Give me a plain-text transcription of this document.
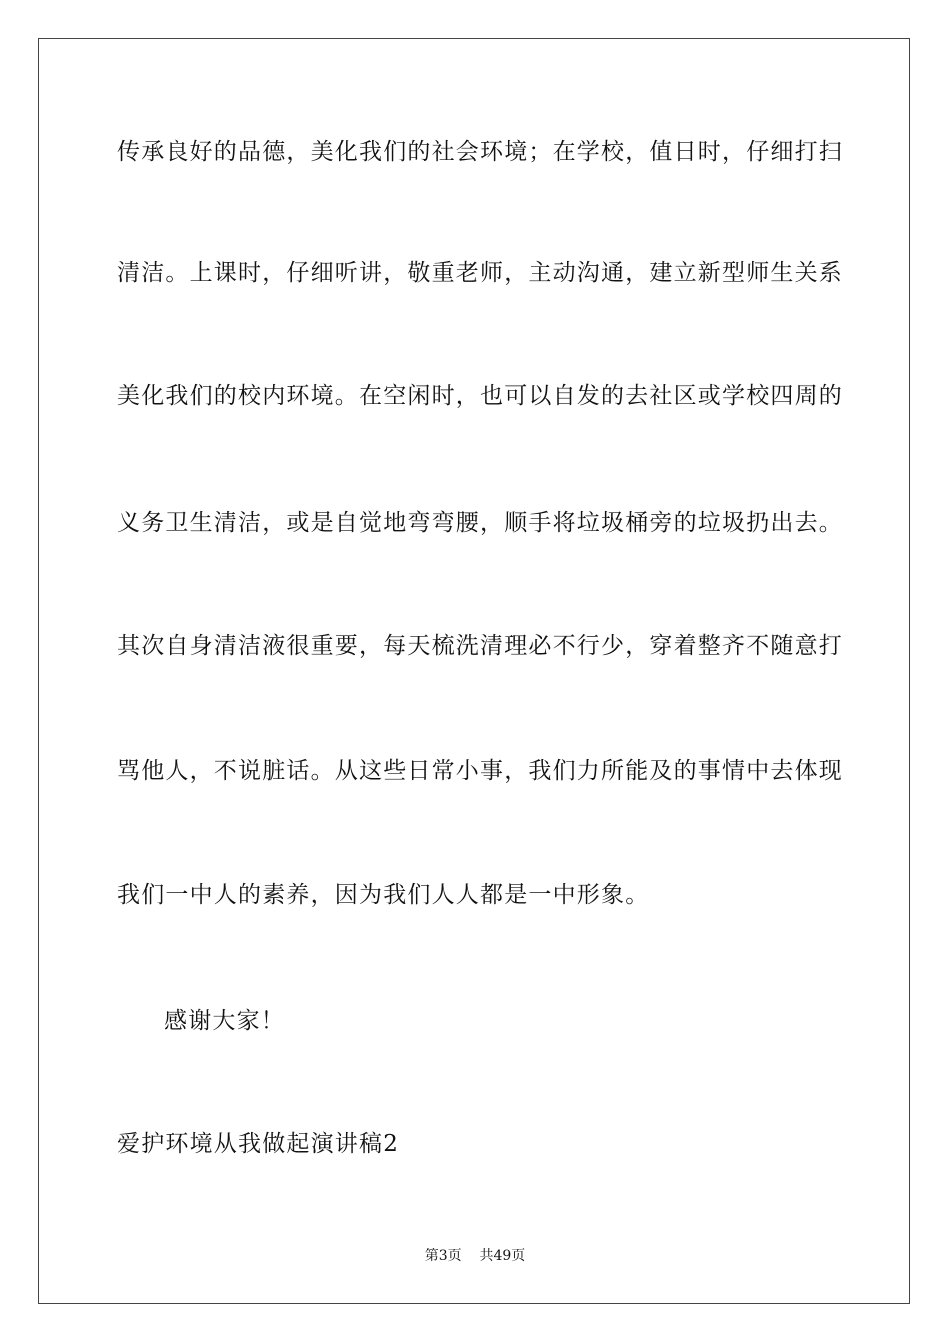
传承良好的品德，美化我们的社会环境；在学校，值日时，仔细打扫
清洁。上课时，仔细听讲，敬重老师，主动沟通，建立新型师生关系
美化我们的校内环境。在空闲时，也可以自发的去社区或学校四周的
义务卫生清洁，或是自觉地弯弯腰，顺手将垃圾桶旁的垃圾扔出去。
其次自身清洁液很重要，每天梳洗清理必不行少，穿着整齐不随意打
骂他人，不说脏话。从这些日常小事，我们力所能及的事情中去体现
我们一中人的素养，因为我们人人都是一中形象。
感谢大家！
爱护环境从我做起演讲稿2
第3页 共49页
